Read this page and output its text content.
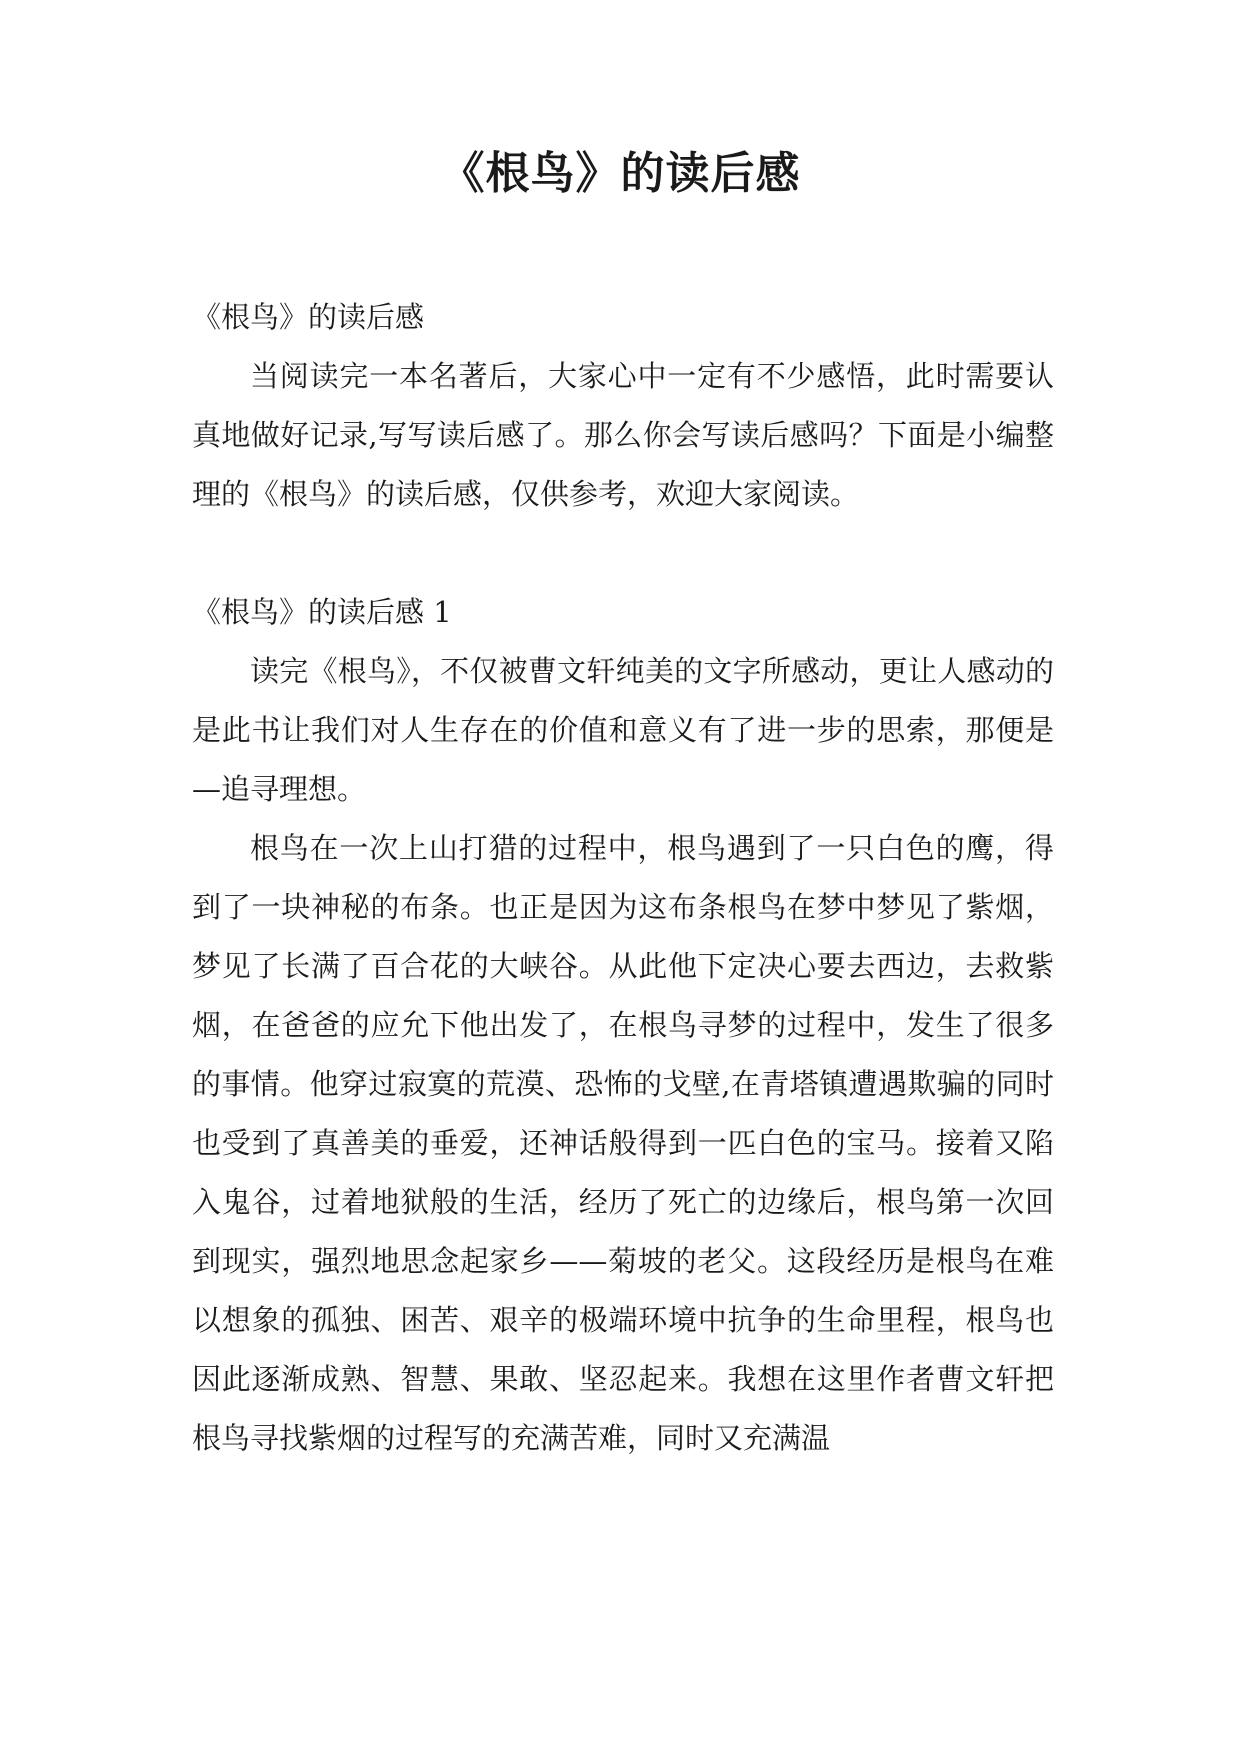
《根鸟》的读后感

《根鸟》的读后感

当阅读完一本名著后，大家心中一定有不少感悟，此时需要认真地做好记录,写写读后感了。那么你会写读后感吗？下面是小编整理的《根鸟》的读后感，仅供参考，欢迎大家阅读。

《根鸟》的读后感 1

读完《根鸟》，不仅被曹文轩纯美的文字所感动，更让人感动的是此书让我们对人生存在的价值和意义有了进一步的思索，那便是—追寻理想。

根鸟在一次上山打猎的过程中，根鸟遇到了一只白色的鹰，得到了一块神秘的布条。也正是因为这布条根鸟在梦中梦见了紫烟，梦见了长满了百合花的大峡谷。从此他下定决心要去西边，去救紫烟，在爸爸的应允下他出发了，在根鸟寻梦的过程中，发生了很多的事情。他穿过寂寞的荒漠、恐怖的戈壁,在青塔镇遭遇欺骗的同时也受到了真善美的垂爱，还神话般得到一匹白色的宝马。接着又陷入鬼谷，过着地狱般的生活，经历了死亡的边缘后，根鸟第一次回到现实，强烈地思念起家乡——菊坡的老父。这段经历是根鸟在难以想象的孤独、困苦、艰辛的极端环境中抗争的生命里程，根鸟也因此逐渐成熟、智慧、果敢、坚忍起来。我想在这里作者曹文轩把根鸟寻找紫烟的过程写的充满苦难，同时又充满温
